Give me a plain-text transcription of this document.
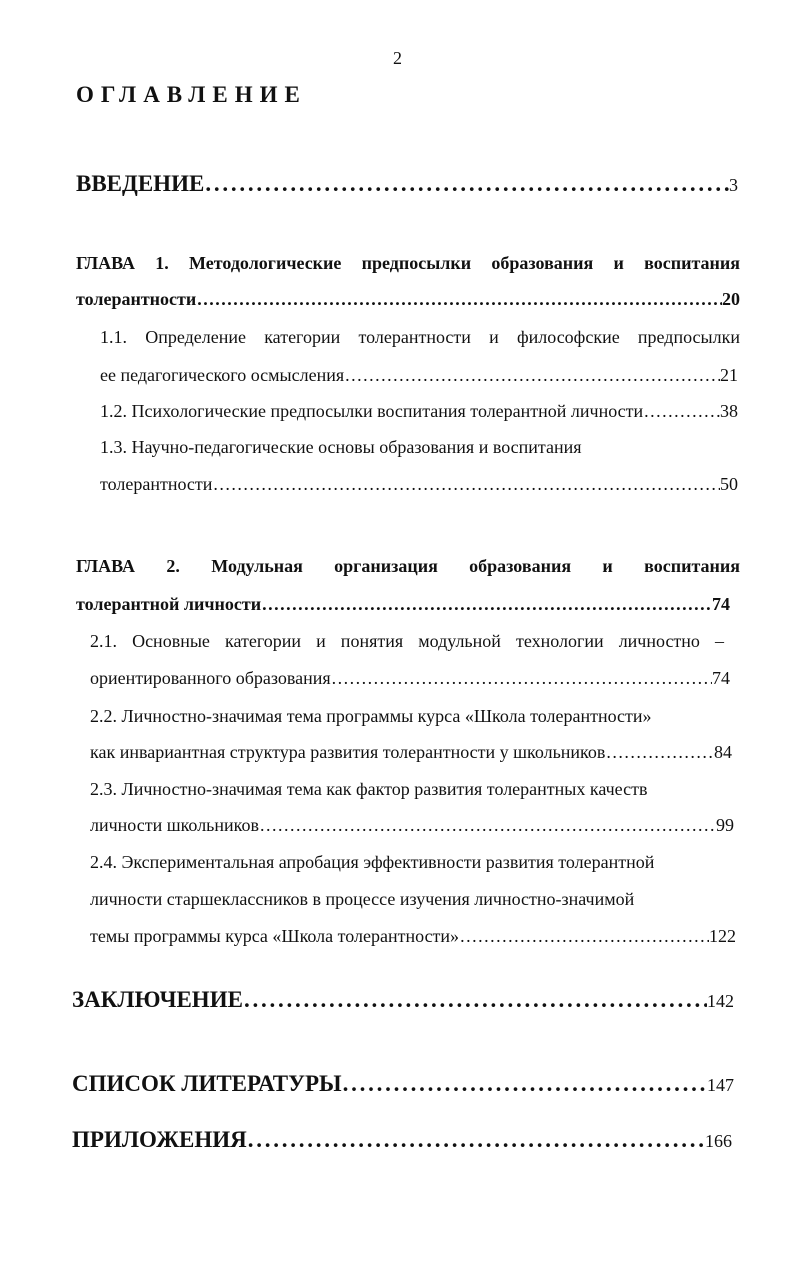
2
ОГЛАВЛЕНИЕ
ВВЕДЕНИЕ . . .	3
ГЛАВА 1. Методологические предпосылки образования и воспитания
толерантности . . .	20
1.1. Определение категории толерантности и философские предпосылки
ее педагогического осмысления . . .	21
1.2. Психологические предпосылки воспитания толерантной личности . . .	38
1.3. Научно-педагогические основы образования и воспитания
толерантности . . .	50
ГЛАВА 2. Модульная организация образования и воспитания
толерантной личности . . .	74
2.1. Основные категории и понятия модульной технологии личностно –
ориентированного образования . . .	74
2.2. Личностно-значимая тема программы курса «Школа толерантности»
как инвариантная структура развития толерантности у школьников . . .	84
2.3. Личностно-значимая тема как фактор развития толерантных качеств
личности школьников . . .	99
2.4. Экспериментальная апробация эффективности развития толерантной
личности старшеклассников в процессе изучения личностно-значимой
темы программы курса «Школа толерантности» . . .	122
ЗАКЛЮЧЕНИЕ . . .	142
СПИСОК ЛИТЕРАТУРЫ . . .	147
ПРИЛОЖЕНИЯ . . .	166
